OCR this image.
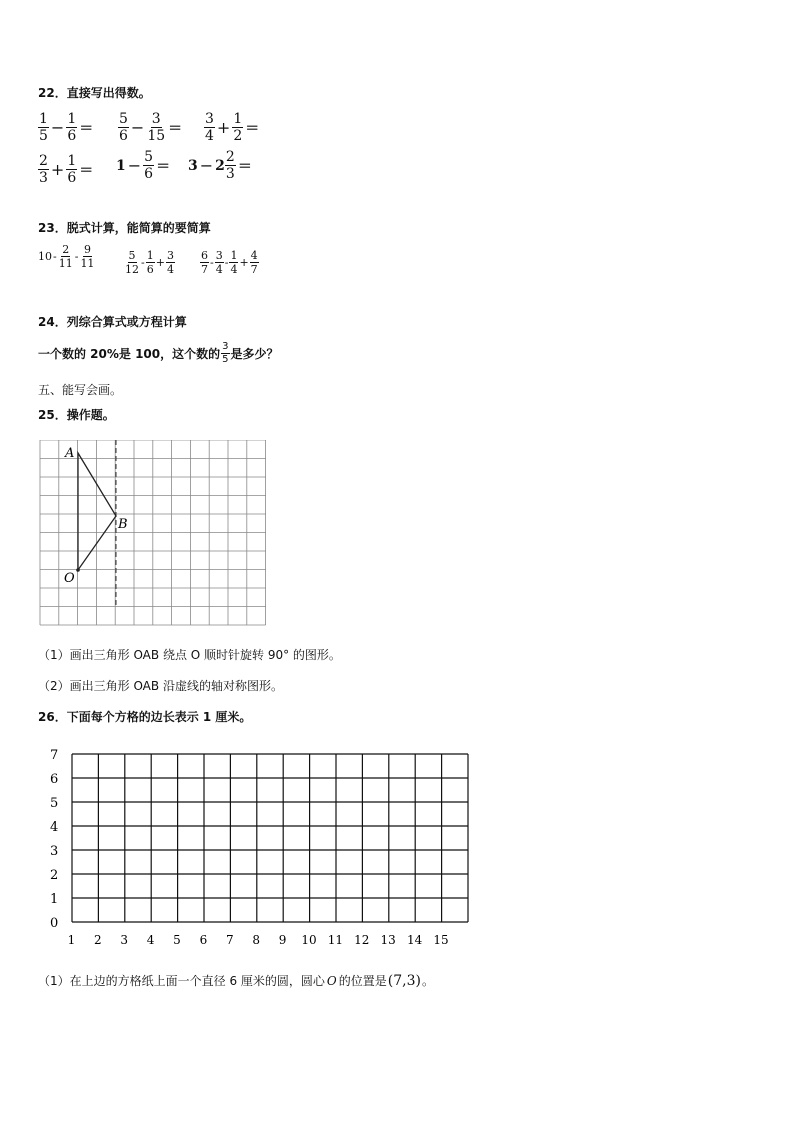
22．直接写出得数。
$\frac{1}{5} - \frac{1}{6} = \frac{5}{6} - \frac{3}{15} = \frac{3}{4} + \frac{1}{2}$ ＝
$\frac{2}{3} + \frac{1}{6} = 1 - \frac{5}{6} = 3 - 2 \frac{2}{3}$ ＝
23．脱式计算，能简算的要简算
$10 - \frac{2}{11} - \frac{9}{11}$	$\frac{5}{12} - \frac{1}{6} + \frac{3}{4} \frac{6}{7} - \frac{3}{4} - \frac{1}{4} + \frac{4}{7}$
24．列综合算式或方程计算
一个数的 20%是 100，这个数的 $\frac{3}{5}$ 是多少？
五、能写会画。
25．操作题。
A
B
O
（1）画出三角形 OAB 绕点 O 顺时针旋转 90° 的图形。
（2）画出三角形 OAB 沿虚线的轴对称图形。
26．下面每个方格的边长表示 1 厘米。
7
6
5
4
3
2
1
0
1 2 3 4 5 6 7 8 9 10 11 12 13 14 15
（1）在上边的方格纸上面一个直径 6 厘米的圆，圆心 O 的位置是 (7,3) 。
